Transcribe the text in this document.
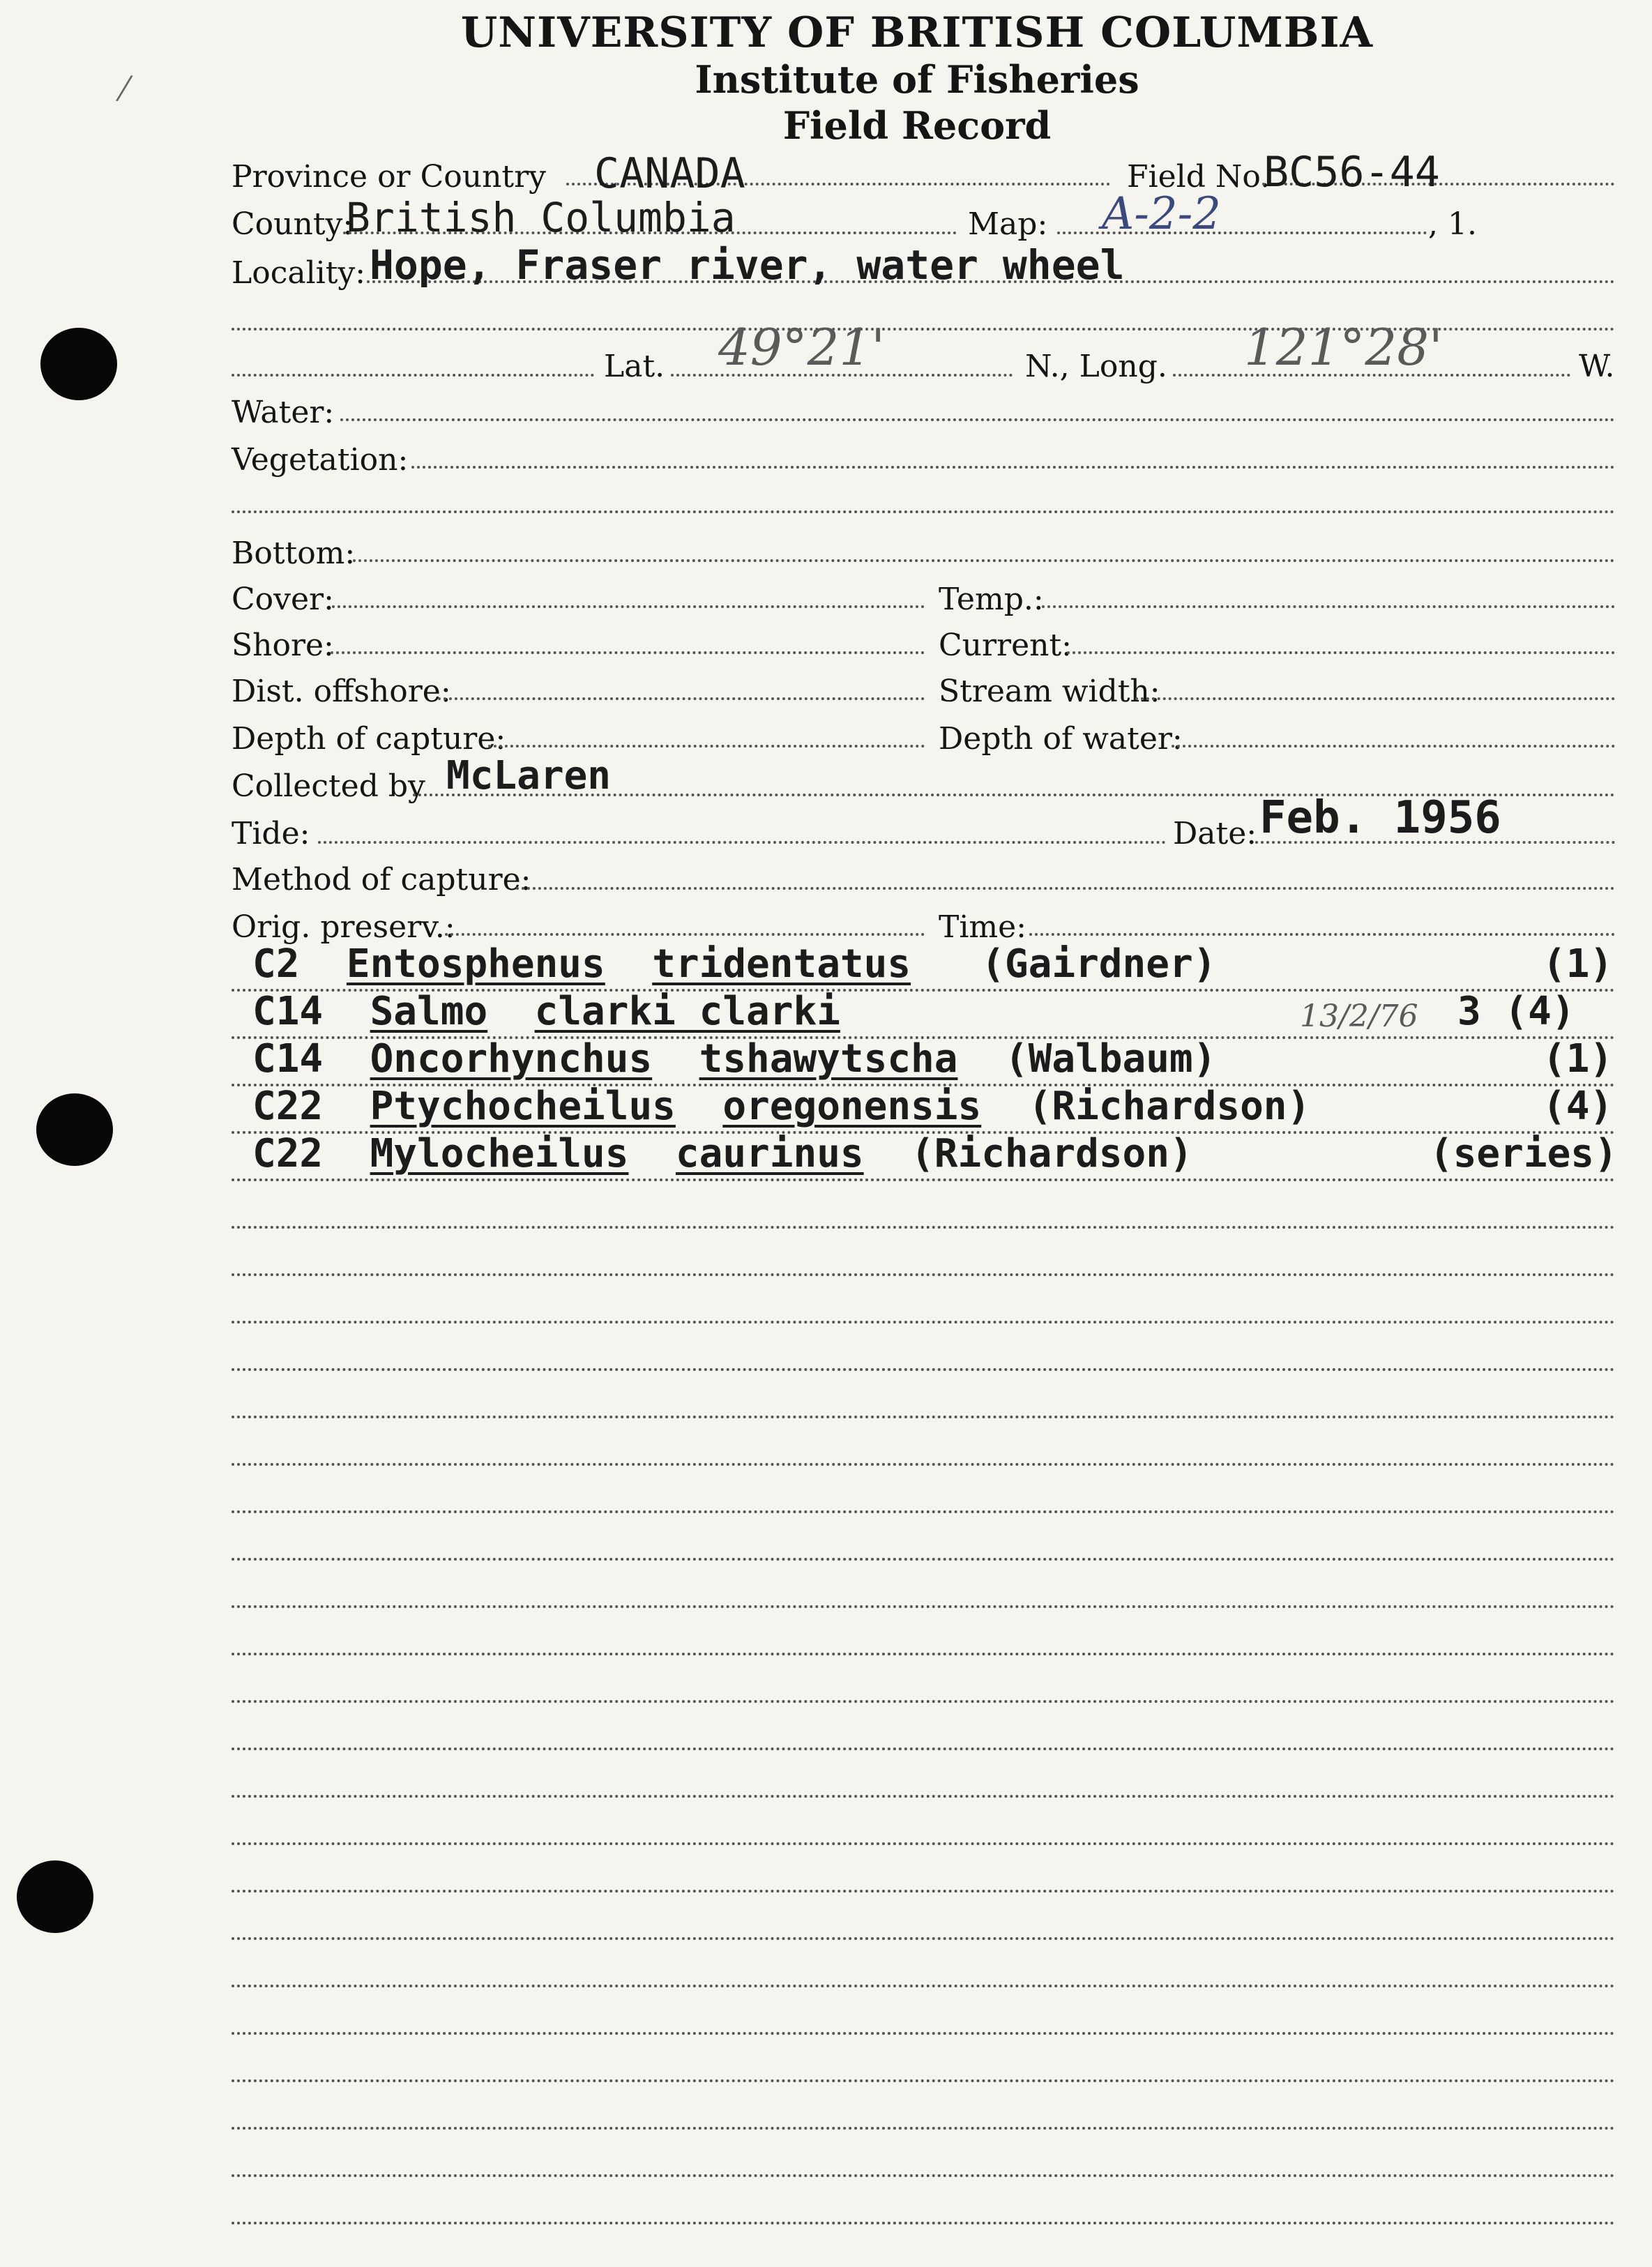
/
UNIVERSITY OF BRITISH COLUMBIA
Institute of Fisheries
Field Record
Province or Country CANADA	Field No.
BC56-44
County:
British Columbia	Map: A-2-2	, 1.
Locality: Hope, Fraser river, water wheel
Lat. 49°21'	N., Long. 121°28'	W.
Water:
Vegetation:
Bottom:
Cover:	Temp.:
Shore:	Current:
Dist. offshore:	Stream width:
Depth of capture:	Depth of water:
Collected by McLaren
Tide:	Date: Feb. 1956
Method of capture:
Orig. preserv.:	Time:
C2 Entosphenus tridentatus (Gairdner)	(1)
C14 Salmo clarki clarki	13/2/76 3 (4)
C14 Oncorhynchus tshawytscha (Walbaum)	(1)
C22 Ptychocheilus oregonensis (Richardson)	(4)
C22 Mylocheilus caurinus (Richardson)	(series)
